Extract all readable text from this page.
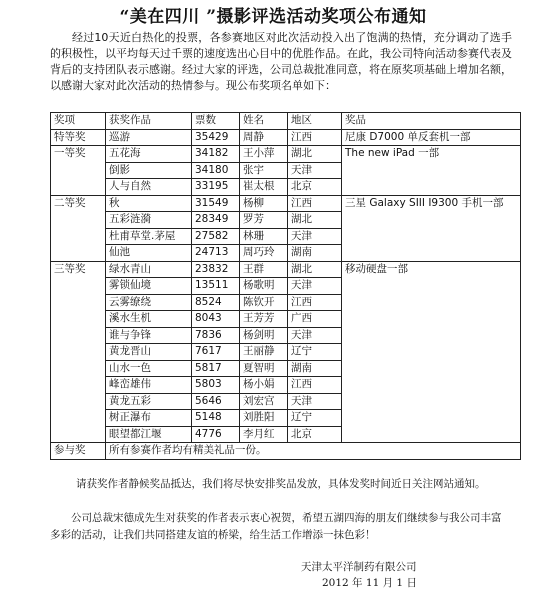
“美在四川 ”摄影评选活动奖项公布通知
经过10天近白热化的投票，各参赛地区对此次活动投入出了饱满的热情，充分调动了选手的积极性，以平均每天过千票的速度选出心目中的优胜作品。在此，我公司特向活动参赛代表及背后的支持团队表示感谢。经过大家的评选，公司总裁批准同意，将在原奖项基础上增加名额，以感谢大家对此次活动的热情参与。现公布奖项名单如下：
奖项	获奖作品	票数	姓名	地区	奖品
特等奖	巡游	35429	周静	江西	尼康 D7000 单反套机一部
一等奖	五花海	34182	王小萍	湖北	The new iPad 一部
	倒影	34180	张宇	天津	
	人与自然	33195	崔太根	北京	
二等奖	秋	31549	杨柳	江西	三星 Galaxy SIII I9300 手机一部
	五彩涟漪	28349	罗芳	湖北	
	杜甫草堂.茅屋	27582	林珊	天津	
	仙池	24713	周巧玲	湖南	
三等奖	绿水青山	23832	王群	湖北	移动硬盘一部
	雾锁仙境	13511	杨歌明	天津	
	云雾缭绕	8524	陈钦开	江西	
	溪水生机	8043	王芳芳	广西	
	谁与争锋	7836	杨剑明	天津	
	黄龙晋山	7617	王丽静	辽宁	
	山水一色	5817	夏智明	湖南	
	峰峦雄伟	5803	杨小娟	江西	
	黄龙五彩	5646	刘宏宫	天津	
	树正瀑布	5148	刘胜阳	辽宁	
	眼望都江堰	4776	李月红	北京	
参与奖	所有参赛作者均有精美礼品一份。				
请获奖作者静候奖品抵达，我们将尽快安排奖品发放，具体发奖时间近日关注网站通知。
公司总裁宋德成先生对获奖的作者表示衷心祝贺，希望五湖四海的朋友们继续参与我公司丰富多彩的活动，让我们共同搭建友谊的桥梁，给生活工作增添一抹色彩！
天津太平洋制药有限公司
2012 年 11 月 1 日
